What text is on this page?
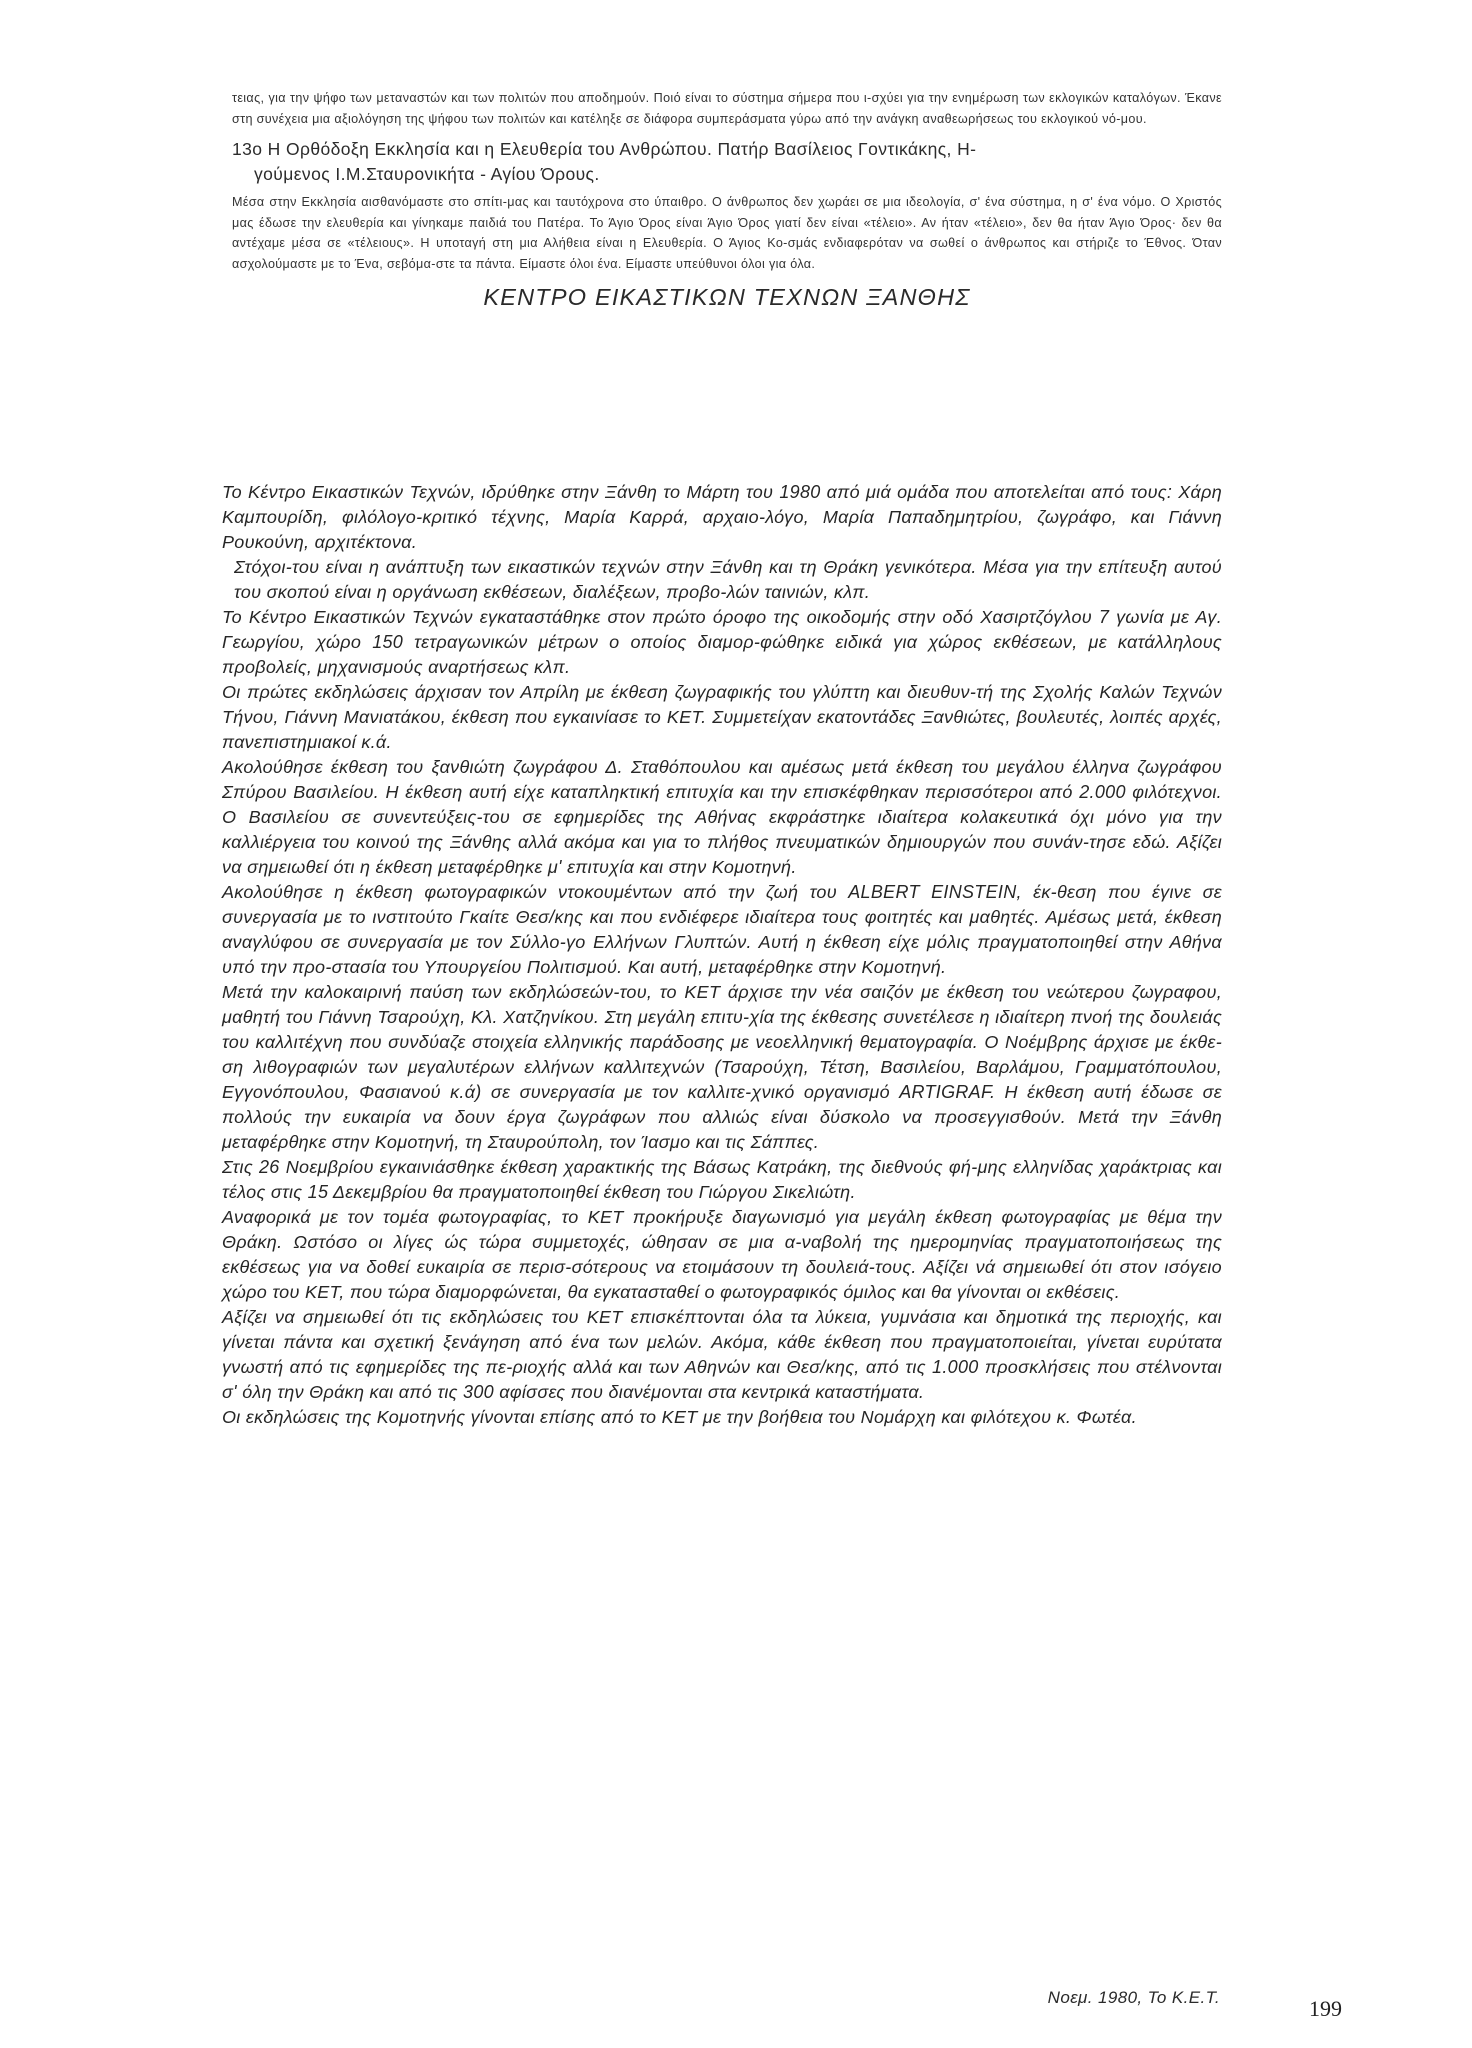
τειας, για την ψήφο των μεταναστών και των πολιτών που αποδημούν. Ποιό είναι το σύστημα σήμερα που ι-σχύει για την ενημέρωση των εκλογικών καταλόγων. Έκανε στη συνέχεια μια αξιολόγηση της ψήφου των πολιτών και κατέληξε σε διάφορα συμπεράσματα γύρω από την ανάγκη αναθεωρήσεως του εκλογικού νό-μου.

13ο Η Ορθόδοξη Εκκλησία και η Ελευθερία του Ανθρώπου. Πατήρ Βασίλειος Γοντικάκης, Η-
γούμενος Ι.Μ.Σταυρονικήτα - Αγίου Όρους.

Μέσα στην Εκκλησία αισθανόμαστε στο σπίτι-μας και ταυτόχρονα στο ύπαιθρο. Ο άνθρωπος δεν χωράει σε μια ιδεολογία, σ' ένα σύστημα, η σ' ένα νόμο. Ο Χριστός μας έδωσε την ελευθερία και γίνηκαμε παιδιά του Πατέρα. Το Άγιο Όρος είναι Άγιο Όρος γιατί δεν είναι «τέλειο». Αν ήταν «τέλειο», δεν θα ήταν Άγιο Όρος· δεν θα αντέχαμε μέσα σε «τέλειους». Η υποταγή στη μια Αλήθεια είναι η Ελευθερία. Ο Άγιος Κο-σμάς ενδιαφερόταν να σωθεί ο άνθρωπος και στήριζε το Έθνος. Όταν ασχολούμαστε με το Ένα, σεβόμα-στε τα πάντα. Είμαστε όλοι ένα. Είμαστε υπεύθυνοι όλοι για όλα.

ΚΕΝΤΡΟ ΕΙΚΑΣΤΙΚΩΝ ΤΕΧΝΩΝ ΞΑΝΘΗΣ

Το Κέντρο Εικαστικών Τεχνών, ιδρύθηκε στην Ξάνθη το Μάρτη του 1980 από μιά ομάδα που αποτελείται από τους: Χάρη Καμπουρίδη, φιλόλογο-κριτικό τέχνης, Μαρία Καρρά, αρχαιο-λόγο, Μαρία Παπαδημητρίου, ζωγράφο, και Γιάννη Ρουκούνη, αρχιτέκτονα.

Στόχοι-του είναι η ανάπτυξη των εικαστικών τεχνών στην Ξάνθη και τη Θράκη γενικότερα. Μέσα για την επίτευξη αυτού του σκοπού είναι η οργάνωση εκθέσεων, διαλέξεων, προβο-λών ταινιών, κλπ.

Το Κέντρο Εικαστικών Τεχνών εγκαταστάθηκε στον πρώτο όροφο της οικοδομής στην οδό Χασιρτζόγλου 7 γωνία με Αγ. Γεωργίου, χώρο 150 τετραγωνικών μέτρων ο οποίος διαμορ-φώθηκε ειδικά για χώρος εκθέσεων, με κατάλληλους προβολείς, μηχανισμούς αναρτήσεως κλπ.

Οι πρώτες εκδηλώσεις άρχισαν τον Απρίλη με έκθεση ζωγραφικής του γλύπτη και διευθυν-τή της Σχολής Καλών Τεχνών Τήνου, Γιάννη Μανιατάκου, έκθεση που εγκαινίασε το ΚΕΤ. Συμμετείχαν εκατοντάδες Ξανθιώτες, βουλευτές, λοιπές αρχές, πανεπιστημιακοί κ.ά.

Ακολούθησε έκθεση του ξανθιώτη ζωγράφου Δ. Σταθόπουλου και αμέσως μετά έκθεση του μεγάλου έλληνα ζωγράφου Σπύρου Βασιλείου. Η έκθεση αυτή είχε καταπληκτική επιτυχία και την επισκέφθηκαν περισσότεροι από 2.000 φιλότεχνοι. Ο Βασιλείου σε συνεντεύξεις-του σε εφημερίδες της Αθήνας εκφράστηκε ιδιαίτερα κολακευτικά όχι μόνο για την καλλιέργεια του κοινού της Ξάνθης αλλά ακόμα και για το πλήθος πνευματικών δημιουργών που συνάν-τησε εδώ. Αξίζει να σημειωθεί ότι η έκθεση μεταφέρθηκε μ' επιτυχία και στην Κομοτηνή.

Ακολούθησε η έκθεση φωτογραφικών ντοκουμέντων από την ζωή του ALBERT EINSTEIN, έκ-θεση που έγινε σε συνεργασία με το ινστιτούτο Γκαίτε Θεσ/κης και που ενδιέφερε ιδιαίτερα τους φοιτητές και μαθητές. Αμέσως μετά, έκθεση αναγλύφου σε συνεργασία με τον Σύλλο-γο Ελλήνων Γλυπτών. Αυτή η έκθεση είχε μόλις πραγματοποιηθεί στην Αθήνα υπό την προ-στασία του Υπουργείου Πολιτισμού. Και αυτή, μεταφέρθηκε στην Κομοτηνή.

Μετά την καλοκαιρινή παύση των εκδηλώσεών-του, το ΚΕΤ άρχισε την νέα σαιζόν με έκθεση του νεώτερου ζωγραφου, μαθητή του Γιάννη Τσαρούχη, Κλ. Χατζηνίκου. Στη μεγάλη επιτυ-χία της έκθεσης συνετέλεσε η ιδιαίτερη πνοή της δουλειάς του καλλιτέχνη που συνδύαζε στοιχεία ελληνικής παράδοσης με νεοελληνική θεματογραφία. Ο Νοέμβρης άρχισε με έκθε-ση λιθογραφιών των μεγαλυτέρων ελλήνων καλλιτεχνών (Τσαρούχη, Τέτση, Βασιλείου, Βαρλάμου, Γραμματόπουλου, Εγγονόπουλου, Φασιανού κ.ά) σε συνεργασία με τον καλλιτε-χνικό οργανισμό ARTIGRAF. Η έκθεση αυτή έδωσε σε πολλούς την ευκαιρία να δουν έργα ζωγράφων που αλλιώς είναι δύσκολο να προσεγγισθούν. Μετά την Ξάνθη μεταφέρθηκε στην Κομοτηνή, τη Σταυρούπολη, τον Ίασμο και τις Σάππες.

Στις 26 Νοεμβρίου εγκαινιάσθηκε έκθεση χαρακτικής της Βάσως Κατράκη, της διεθνούς φή-μης ελληνίδας χαράκτριας και τέλος στις 15 Δεκεμβρίου θα πραγματοποιηθεί έκθεση του Γιώργου Σικελιώτη.

Αναφορικά με τον τομέα φωτογραφίας, το ΚΕΤ προκήρυξε διαγωνισμό για μεγάλη έκθεση φωτογραφίας με θέμα την Θράκη. Ωστόσο οι λίγες ώς τώρα συμμετοχές, ώθησαν σε μια α-ναβολή της ημερομηνίας πραγματοποιήσεως της εκθέσεως για να δοθεί ευκαιρία σε περισ-σότερους να ετοιμάσουν τη δουλειά-τους. Αξίζει νά σημειωθεί ότι στον ισόγειο χώρο του ΚΕΤ, που τώρα διαμορφώνεται, θα εγκατασταθεί ο φωτογραφικός όμιλος και θα γίνονται οι εκθέσεις.

Αξίζει να σημειωθεί ότι τις εκδηλώσεις του ΚΕΤ επισκέπτονται όλα τα λύκεια, γυμνάσια και δημοτικά της περιοχής, και γίνεται πάντα και σχετική ξενάγηση από ένα των μελών. Ακόμα, κάθε έκθεση που πραγματοποιείται, γίνεται ευρύτατα γνωστή από τις εφημερίδες της πε-ριοχής αλλά και των Αθηνών και Θεσ/κης, από τις 1.000 προσκλήσεις που στέλνονται σ' όλη την Θράκη και από τις 300 αφίσσες που διανέμονται στα κεντρικά καταστήματα.

Οι εκδηλώσεις της Κομοτηνής γίνονται επίσης από το ΚΕΤ με την βοήθεια του Νομάρχη και φιλότεχου κ. Φωτέα.

Νοεμ. 1980, Το Κ.Ε.Τ.	199
